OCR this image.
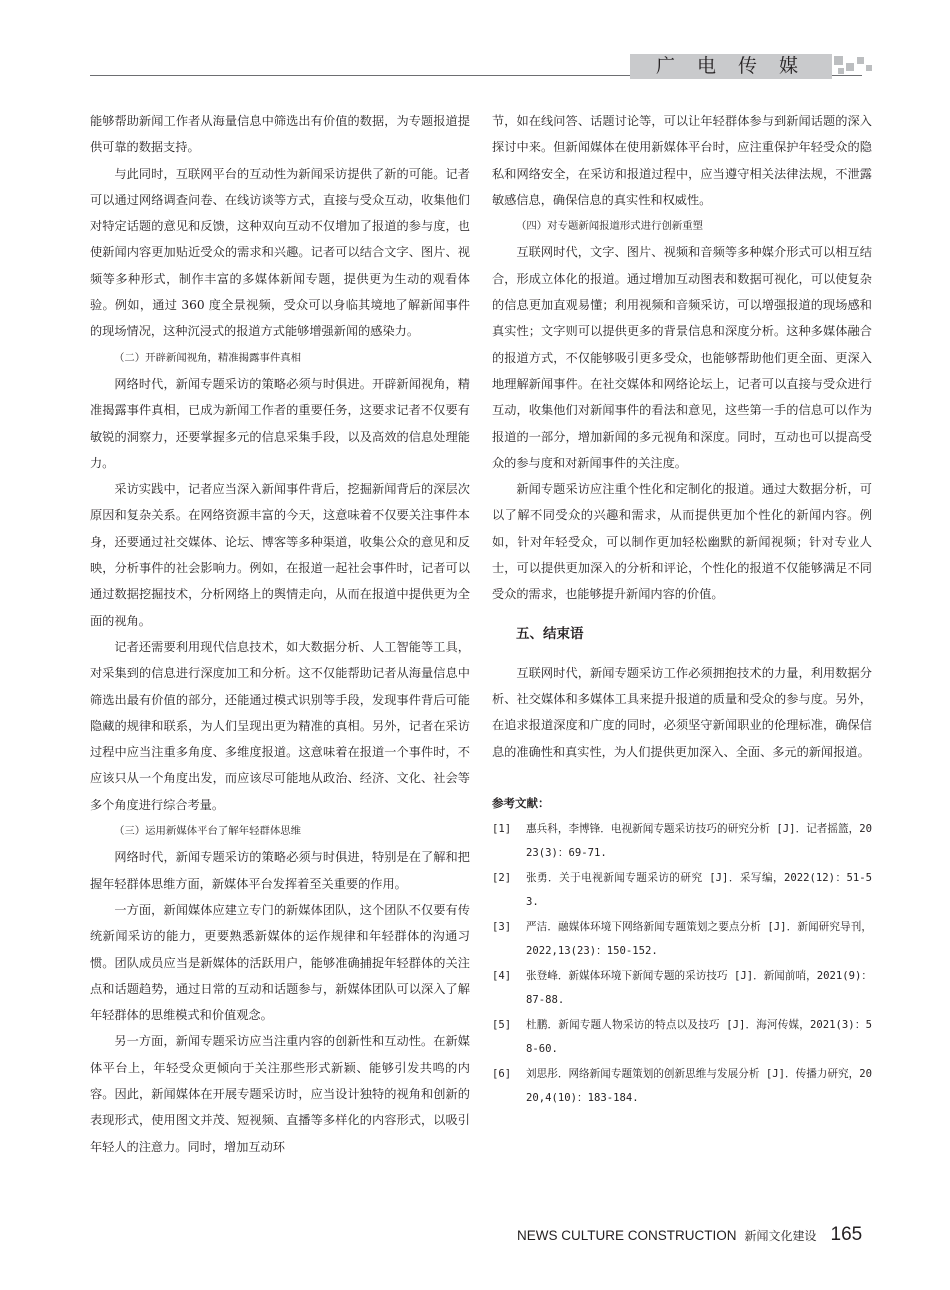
广电传媒
能够帮助新闻工作者从海量信息中筛选出有价值的数据，为专题报道提供可靠的数据支持。
与此同时，互联网平台的互动性为新闻采访提供了新的可能。记者可以通过网络调查问卷、在线访谈等方式，直接与受众互动，收集他们对特定话题的意见和反馈，这种双向互动不仅增加了报道的参与度，也使新闻内容更加贴近受众的需求和兴趣。记者可以结合文字、图片、视频等多种形式，制作丰富的多媒体新闻专题，提供更为生动的观看体验。例如，通过 360 度全景视频，受众可以身临其境地了解新闻事件的现场情况，这种沉浸式的报道方式能够增强新闻的感染力。
（二）开辟新闻视角，精准揭露事件真相
网络时代，新闻专题采访的策略必须与时俱进。开辟新闻视角，精准揭露事件真相，已成为新闻工作者的重要任务，这要求记者不仅要有敏锐的洞察力，还要掌握多元的信息采集手段，以及高效的信息处理能力。
采访实践中，记者应当深入新闻事件背后，挖掘新闻背后的深层次原因和复杂关系。在网络资源丰富的今天，这意味着不仅要关注事件本身，还要通过社交媒体、论坛、博客等多种渠道，收集公众的意见和反映，分析事件的社会影响力。例如，在报道一起社会事件时，记者可以通过数据挖掘技术，分析网络上的舆情走向，从而在报道中提供更为全面的视角。
记者还需要利用现代信息技术，如大数据分析、人工智能等工具，对采集到的信息进行深度加工和分析。这不仅能帮助记者从海量信息中筛选出最有价值的部分，还能通过模式识别等手段，发现事件背后可能隐藏的规律和联系，为人们呈现出更为精准的真相。另外，记者在采访过程中应当注重多角度、多维度报道。这意味着在报道一个事件时，不应该只从一个角度出发，而应该尽可能地从政治、经济、文化、社会等多个角度进行综合考量。
（三）运用新媒体平台了解年轻群体思维
网络时代，新闻专题采访的策略必须与时俱进，特别是在了解和把握年轻群体思维方面，新媒体平台发挥着至关重要的作用。
一方面，新闻媒体应建立专门的新媒体团队，这个团队不仅要有传统新闻采访的能力，更要熟悉新媒体的运作规律和年轻群体的沟通习惯。团队成员应当是新媒体的活跃用户，能够准确捕捉年轻群体的关注点和话题趋势，通过日常的互动和话题参与，新媒体团队可以深入了解年轻群体的思维模式和价值观念。
另一方面，新闻专题采访应当注重内容的创新性和互动性。在新媒体平台上，年轻受众更倾向于关注那些形式新颖、能够引发共鸣的内容。因此，新闻媒体在开展专题采访时，应当设计独特的视角和创新的表现形式，使用图文并茂、短视频、直播等多样化的内容形式，以吸引年轻人的注意力。同时，增加互动环
节，如在线问答、话题讨论等，可以让年轻群体参与到新闻话题的深入探讨中来。但新闻媒体在使用新媒体平台时，应注重保护年轻受众的隐私和网络安全，在采访和报道过程中，应当遵守相关法律法规，不泄露敏感信息，确保信息的真实性和权威性。
（四）对专题新闻报道形式进行创新重塑
互联网时代，文字、图片、视频和音频等多种媒介形式可以相互结合，形成立体化的报道。通过增加互动图表和数据可视化，可以使复杂的信息更加直观易懂；利用视频和音频采访，可以增强报道的现场感和真实性；文字则可以提供更多的背景信息和深度分析。这种多媒体融合的报道方式，不仅能够吸引更多受众，也能够帮助他们更全面、更深入地理解新闻事件。在社交媒体和网络论坛上，记者可以直接与受众进行互动，收集他们对新闻事件的看法和意见，这些第一手的信息可以作为报道的一部分，增加新闻的多元视角和深度。同时，互动也可以提高受众的参与度和对新闻事件的关注度。
新闻专题采访应注重个性化和定制化的报道。通过大数据分析，可以了解不同受众的兴趣和需求，从而提供更加个性化的新闻内容。例如，针对年轻受众，可以制作更加轻松幽默的新闻视频；针对专业人士，可以提供更加深入的分析和评论，个性化的报道不仅能够满足不同受众的需求，也能够提升新闻内容的价值。
五、结束语
互联网时代，新闻专题采访工作必须拥抱技术的力量，利用数据分析、社交媒体和多媒体工具来提升报道的质量和受众的参与度。另外，在追求报道深度和广度的同时，必须坚守新闻职业的伦理标准，确保信息的准确性和真实性，为人们提供更加深入、全面、多元的新闻报道。
参考文献：
[1]	惠兵科，李博锋．电视新闻专题采访技巧的研究分析 [J]．记者摇篮，2023(3)：69-71.
[2]	张勇．关于电视新闻专题采访的研究 [J]．采写编，2022(12)：51-53.
[3]	严洁．融媒体环境下网络新闻专题策划之要点分析 [J]．新闻研究导刊，2022,13(23)：150-152.
[4]	张登峰．新媒体环境下新闻专题的采访技巧 [J]．新闻前哨，2021(9)：87-88.
[5]	杜鹏．新闻专题人物采访的特点以及技巧 [J]．海河传媒，2021(3)：58-60.
[6]	刘思彤．网络新闻专题策划的创新思维与发展分析 [J]．传播力研究，2020,4(10)：183-184.
NEWS CULTURE CONSTRUCTION 新闻文化建设 165
